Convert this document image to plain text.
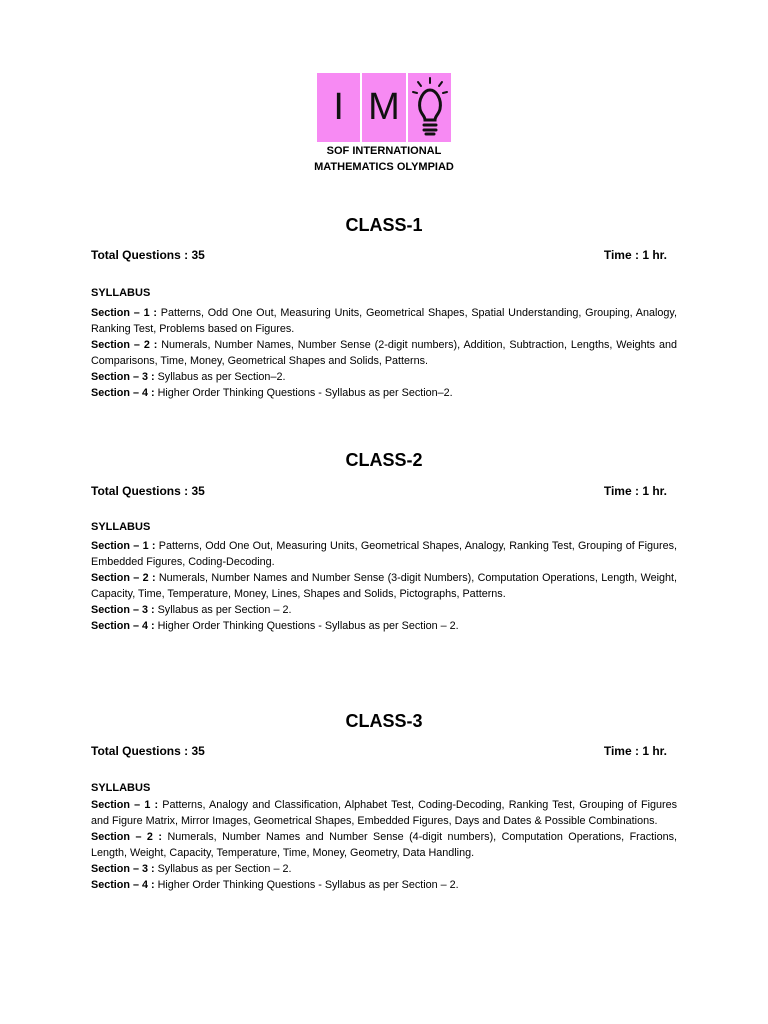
I M
SOF INTERNATIONAL
MATHEMATICS OLYMPIAD
CLASS-1
Total Questions : 35	Time : 1 hr.
SYLLABUS

Section – 1 : Patterns, Odd One Out, Measuring Units, Geometrical Shapes, Spatial Understanding, Grouping, Analogy, Ranking Test, Problems based on Figures.

Section – 2 : Numerals, Number Names, Number Sense (2-digit numbers), Addition, Subtraction, Lengths, Weights and Comparisons, Time, Money, Geometrical Shapes and Solids, Patterns.

Section – 3 : Syllabus as per Section–2.

Section – 4 : Higher Order Thinking Questions - Syllabus as per Section–2.

CLASS-2
Total Questions : 35	Time : 1 hr.
SYLLABUS

Section – 1 : Patterns, Odd One Out, Measuring Units, Geometrical Shapes, Analogy, Ranking Test, Grouping of Figures, Embedded Figures, Coding-Decoding.

Section – 2 : Numerals, Number Names and Number Sense (3-digit Numbers), Computation Operations, Length, Weight, Capacity, Time, Temperature, Money, Lines, Shapes and Solids, Pictographs, Patterns.

Section – 3 : Syllabus as per Section – 2.

Section – 4 : Higher Order Thinking Questions - Syllabus as per Section – 2.

CLASS-3
Total Questions : 35	Time : 1 hr.
SYLLABUS

Section – 1 : Patterns, Analogy and Classification, Alphabet Test, Coding-Decoding, Ranking Test, Grouping of Figures and Figure Matrix, Mirror Images, Geometrical Shapes, Embedded Figures, Days and Dates & Possible Combinations.

Section – 2 : Numerals, Number Names and Number Sense (4-digit numbers), Computation Operations, Fractions, Length, Weight, Capacity, Temperature, Time, Money, Geometry, Data Handling.

Section – 3 : Syllabus as per Section – 2.

Section – 4 : Higher Order Thinking Questions - Syllabus as per Section – 2.
